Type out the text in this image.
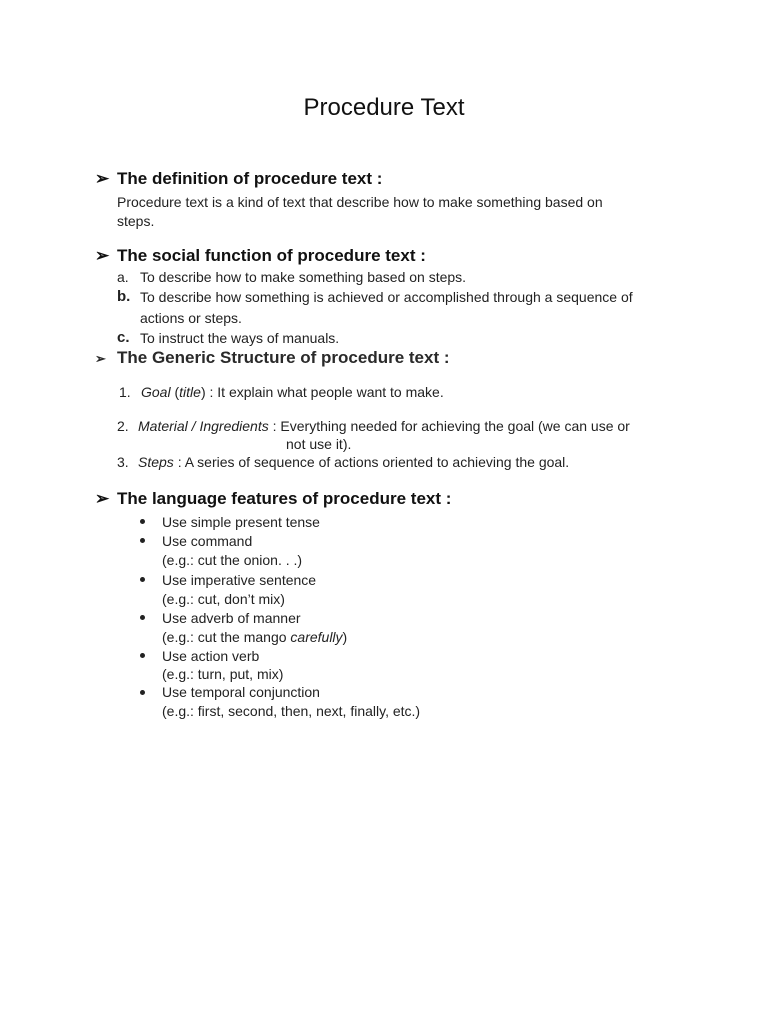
Procedure Text
➢ The definition of procedure text :
Procedure text is a kind of text that describe how to make something based on
steps.
➢ The social function of procedure text :
a. To describe how to make something based on steps.
b. To describe how something is achieved or accomplished through a sequence of
actions or steps.
c. To instruct the ways of manuals.
➢ The Generic Structure of procedure text :
1. Goal (title) : It explain what people want to make.
2. Material / Ingredients : Everything needed for achieving the goal (we can use or
not use it).
3. Steps : A series of sequence of actions oriented to achieving the goal.
➢ The language features of procedure text :
Use simple present tense
Use command
(e.g.: cut the onion. . .)
Use imperative sentence
(e.g.: cut, don’t mix)
Use adverb of manner
(e.g.: cut the mango carefully)
Use action verb
(e.g.: turn, put, mix)
Use temporal conjunction
(e.g.: first, second, then, next, finally, etc.)
